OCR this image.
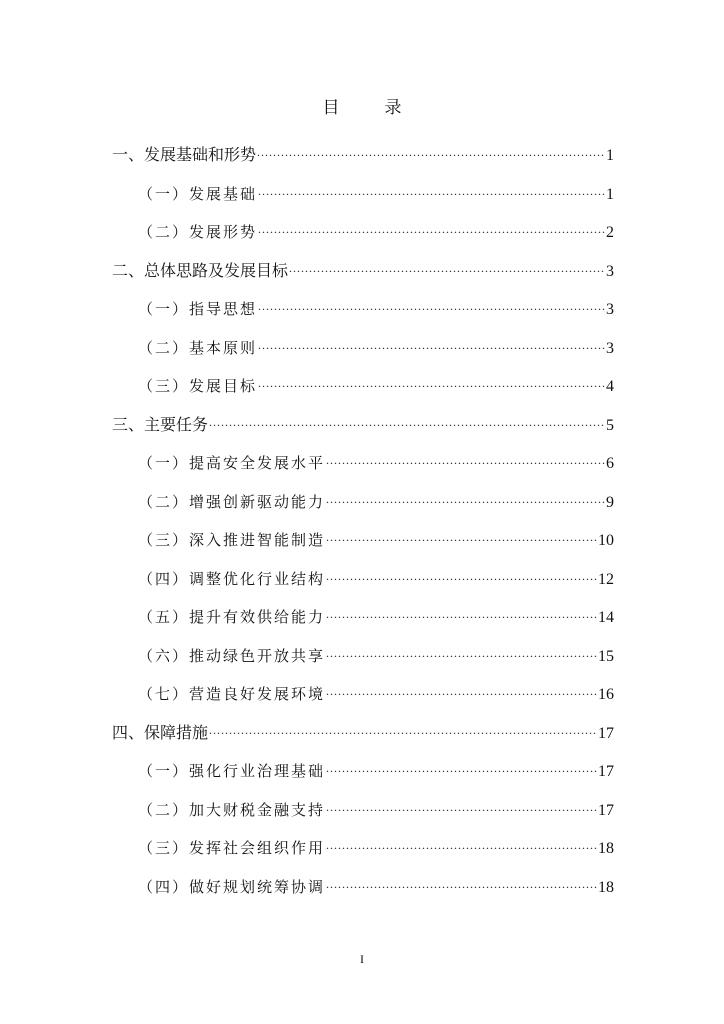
目　录
一、发展基础和形势 .....	1
（一）发展基础 .....	1
（二）发展形势 .....	2
二、总体思路及发展目标 .....	3
（一）指导思想 .....	3
（二）基本原则 .....	3
（三）发展目标 .....	4
三、主要任务 .....	5
（一）提高安全发展水平 .....	6
（二）增强创新驱动能力 .....	9
（三）深入推进智能制造 .....	10
（四）调整优化行业结构 .....	12
（五）提升有效供给能力 .....	14
（六）推动绿色开放共享 .....	15
（七）营造良好发展环境 .....	16
四、保障措施 .....	17
（一）强化行业治理基础 .....	17
（二）加大财税金融支持 .....	17
（三）发挥社会组织作用 .....	18
（四）做好规划统筹协调 .....	18
I
